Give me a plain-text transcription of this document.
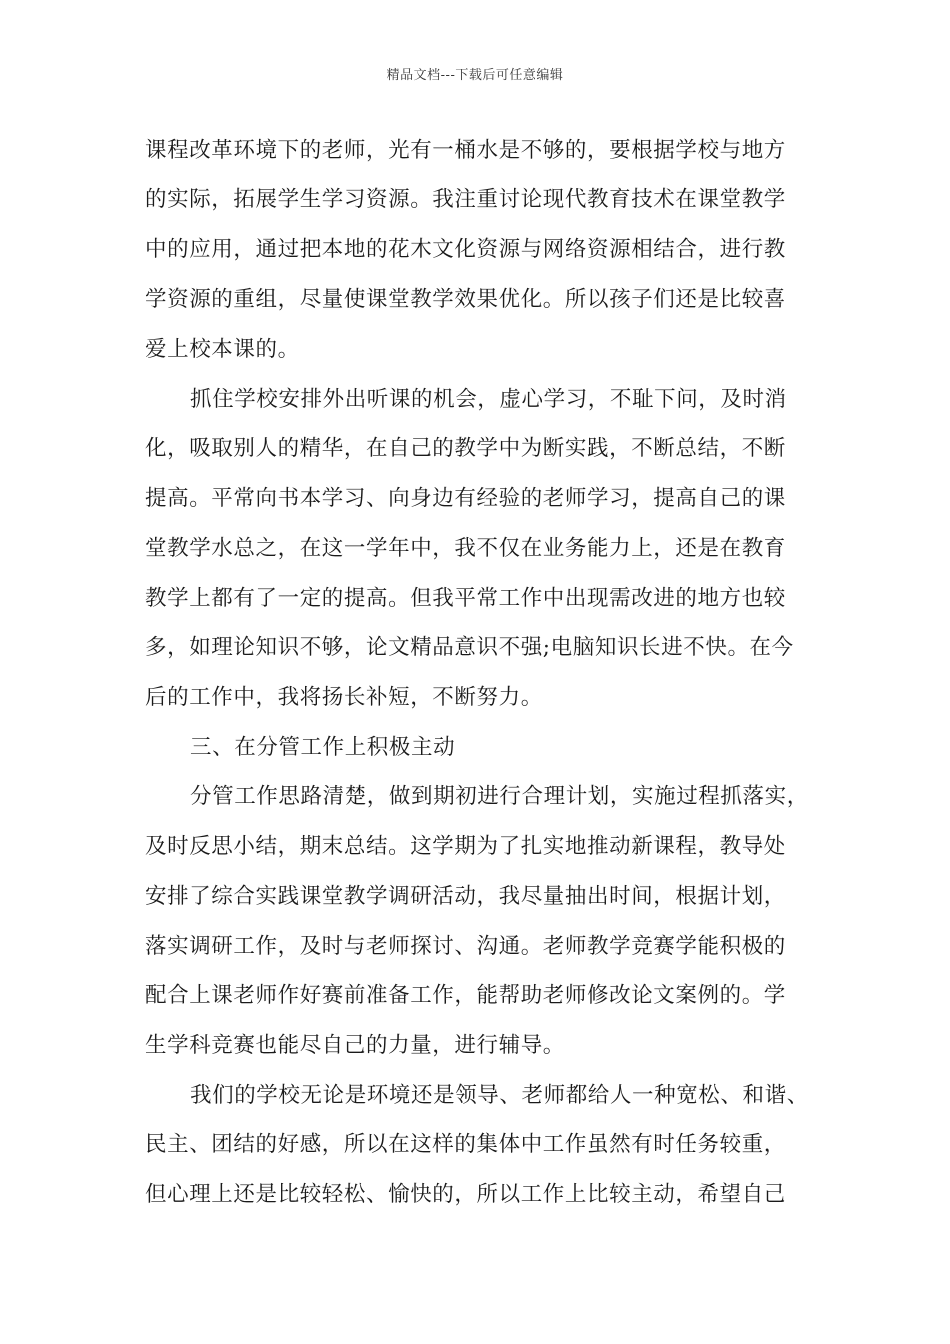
精品文档---下载后可任意编辑
课程改革环境下的老师，光有一桶水是不够的，要根据学校与地方
的实际，拓展学生学习资源。我注重讨论现代教育技术在课堂教学
中的应用，通过把本地的花木文化资源与网络资源相结合，进行教
学资源的重组，尽量使课堂教学效果优化。所以孩子们还是比较喜
爱上校本课的。
抓住学校安排外出听课的机会，虚心学习，不耻下问，及时消
化，吸取别人的精华，在自己的教学中为断实践，不断总结，不断
提高。平常向书本学习、向身边有经验的老师学习，提高自己的课
堂教学水总之，在这一学年中，我不仅在业务能力上，还是在教育
教学上都有了一定的提高。但我平常工作中出现需改进的地方也较
多，如理论知识不够，论文精品意识不强;电脑知识长进不快。在今
后的工作中，我将扬长补短，不断努力。
三、在分管工作上积极主动
分管工作思路清楚，做到期初进行合理计划，实施过程抓落实，
及时反思小结，期末总结。这学期为了扎实地推动新课程，教导处
安排了综合实践课堂教学调研活动，我尽量抽出时间，根据计划，
落实调研工作，及时与老师探讨、沟通。老师教学竞赛学能积极的
配合上课老师作好赛前准备工作，能帮助老师修改论文案例的。学
生学科竞赛也能尽自己的力量，进行辅导。
我们的学校无论是环境还是领导、老师都给人一种宽松、和谐、
民主、团结的好感，所以在这样的集体中工作虽然有时任务较重，
但心理上还是比较轻松、愉快的，所以工作上比较主动，希望自己
